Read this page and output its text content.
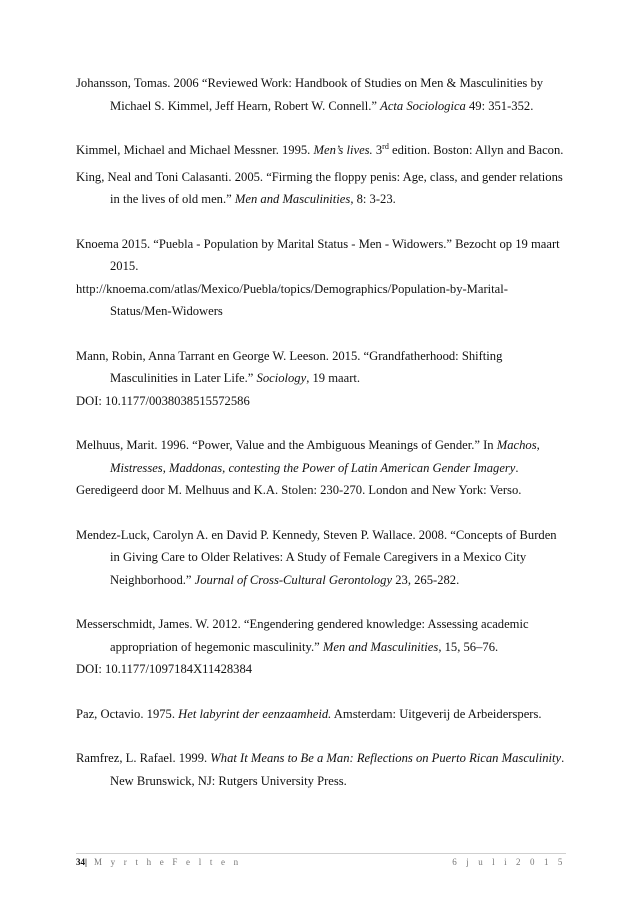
Johansson, Tomas. 2006 “Reviewed Work: Handbook of Studies on Men & Masculinities by Michael S. Kimmel, Jeff Hearn, Robert W. Connell.” Acta Sociologica 49: 351-352.

Kimmel, Michael and Michael Messner. 1995. Men’s lives. 3rd edition. Boston: Allyn and Bacon.

King, Neal and Toni Calasanti. 2005. “Firming the floppy penis: Age, class, and gender relations in the lives of old men.” Men and Masculinities, 8: 3-23.

Knoema 2015. “Puebla - Population by Marital Status - Men - Widowers.” Bezocht op 19 maart 2015.
http://knoema.com/atlas/Mexico/Puebla/topics/Demographics/Population-by-Marital-Status/Men-Widowers

Mann, Robin, Anna Tarrant en George W. Leeson. 2015. “Grandfatherhood: Shifting Masculinities in Later Life.” Sociology, 19 maart.
DOI: 10.1177/0038038515572586

Melhuus, Marit. 1996. “Power, Value and the Ambiguous Meanings of Gender.” In Machos, Mistresses, Maddonas, contesting the Power of Latin American Gender Imagery.
Geredigeerd door M. Melhuus and K.A. Stolen: 230-270. London and New York: Verso.

Mendez-Luck, Carolyn A. en David P. Kennedy, Steven P. Wallace. 2008. “Concepts of Burden in Giving Care to Older Relatives: A Study of Female Caregivers in a Mexico City Neighborhood.” Journal of Cross-Cultural Gerontology 23, 265-282.

Messerschmidt, James. W. 2012. “Engendering gendered knowledge: Assessing academic appropriation of hegemonic masculinity.” Men and Masculinities, 15, 56–76.
DOI: 10.1177/1097184X11428384

Paz, Octavio. 1975. Het labyrint der eenzaamheid. Amsterdam: Uitgeverij de Arbeiderspers.

Ramfrez, L. Rafael. 1999. What It Means to Be a Man: Reflections on Puerto Rican Masculinity. New Brunswick, NJ: Rutgers University Press.

34| M y r t h e F e l t e n	6 j u l i 2 0 1 5
